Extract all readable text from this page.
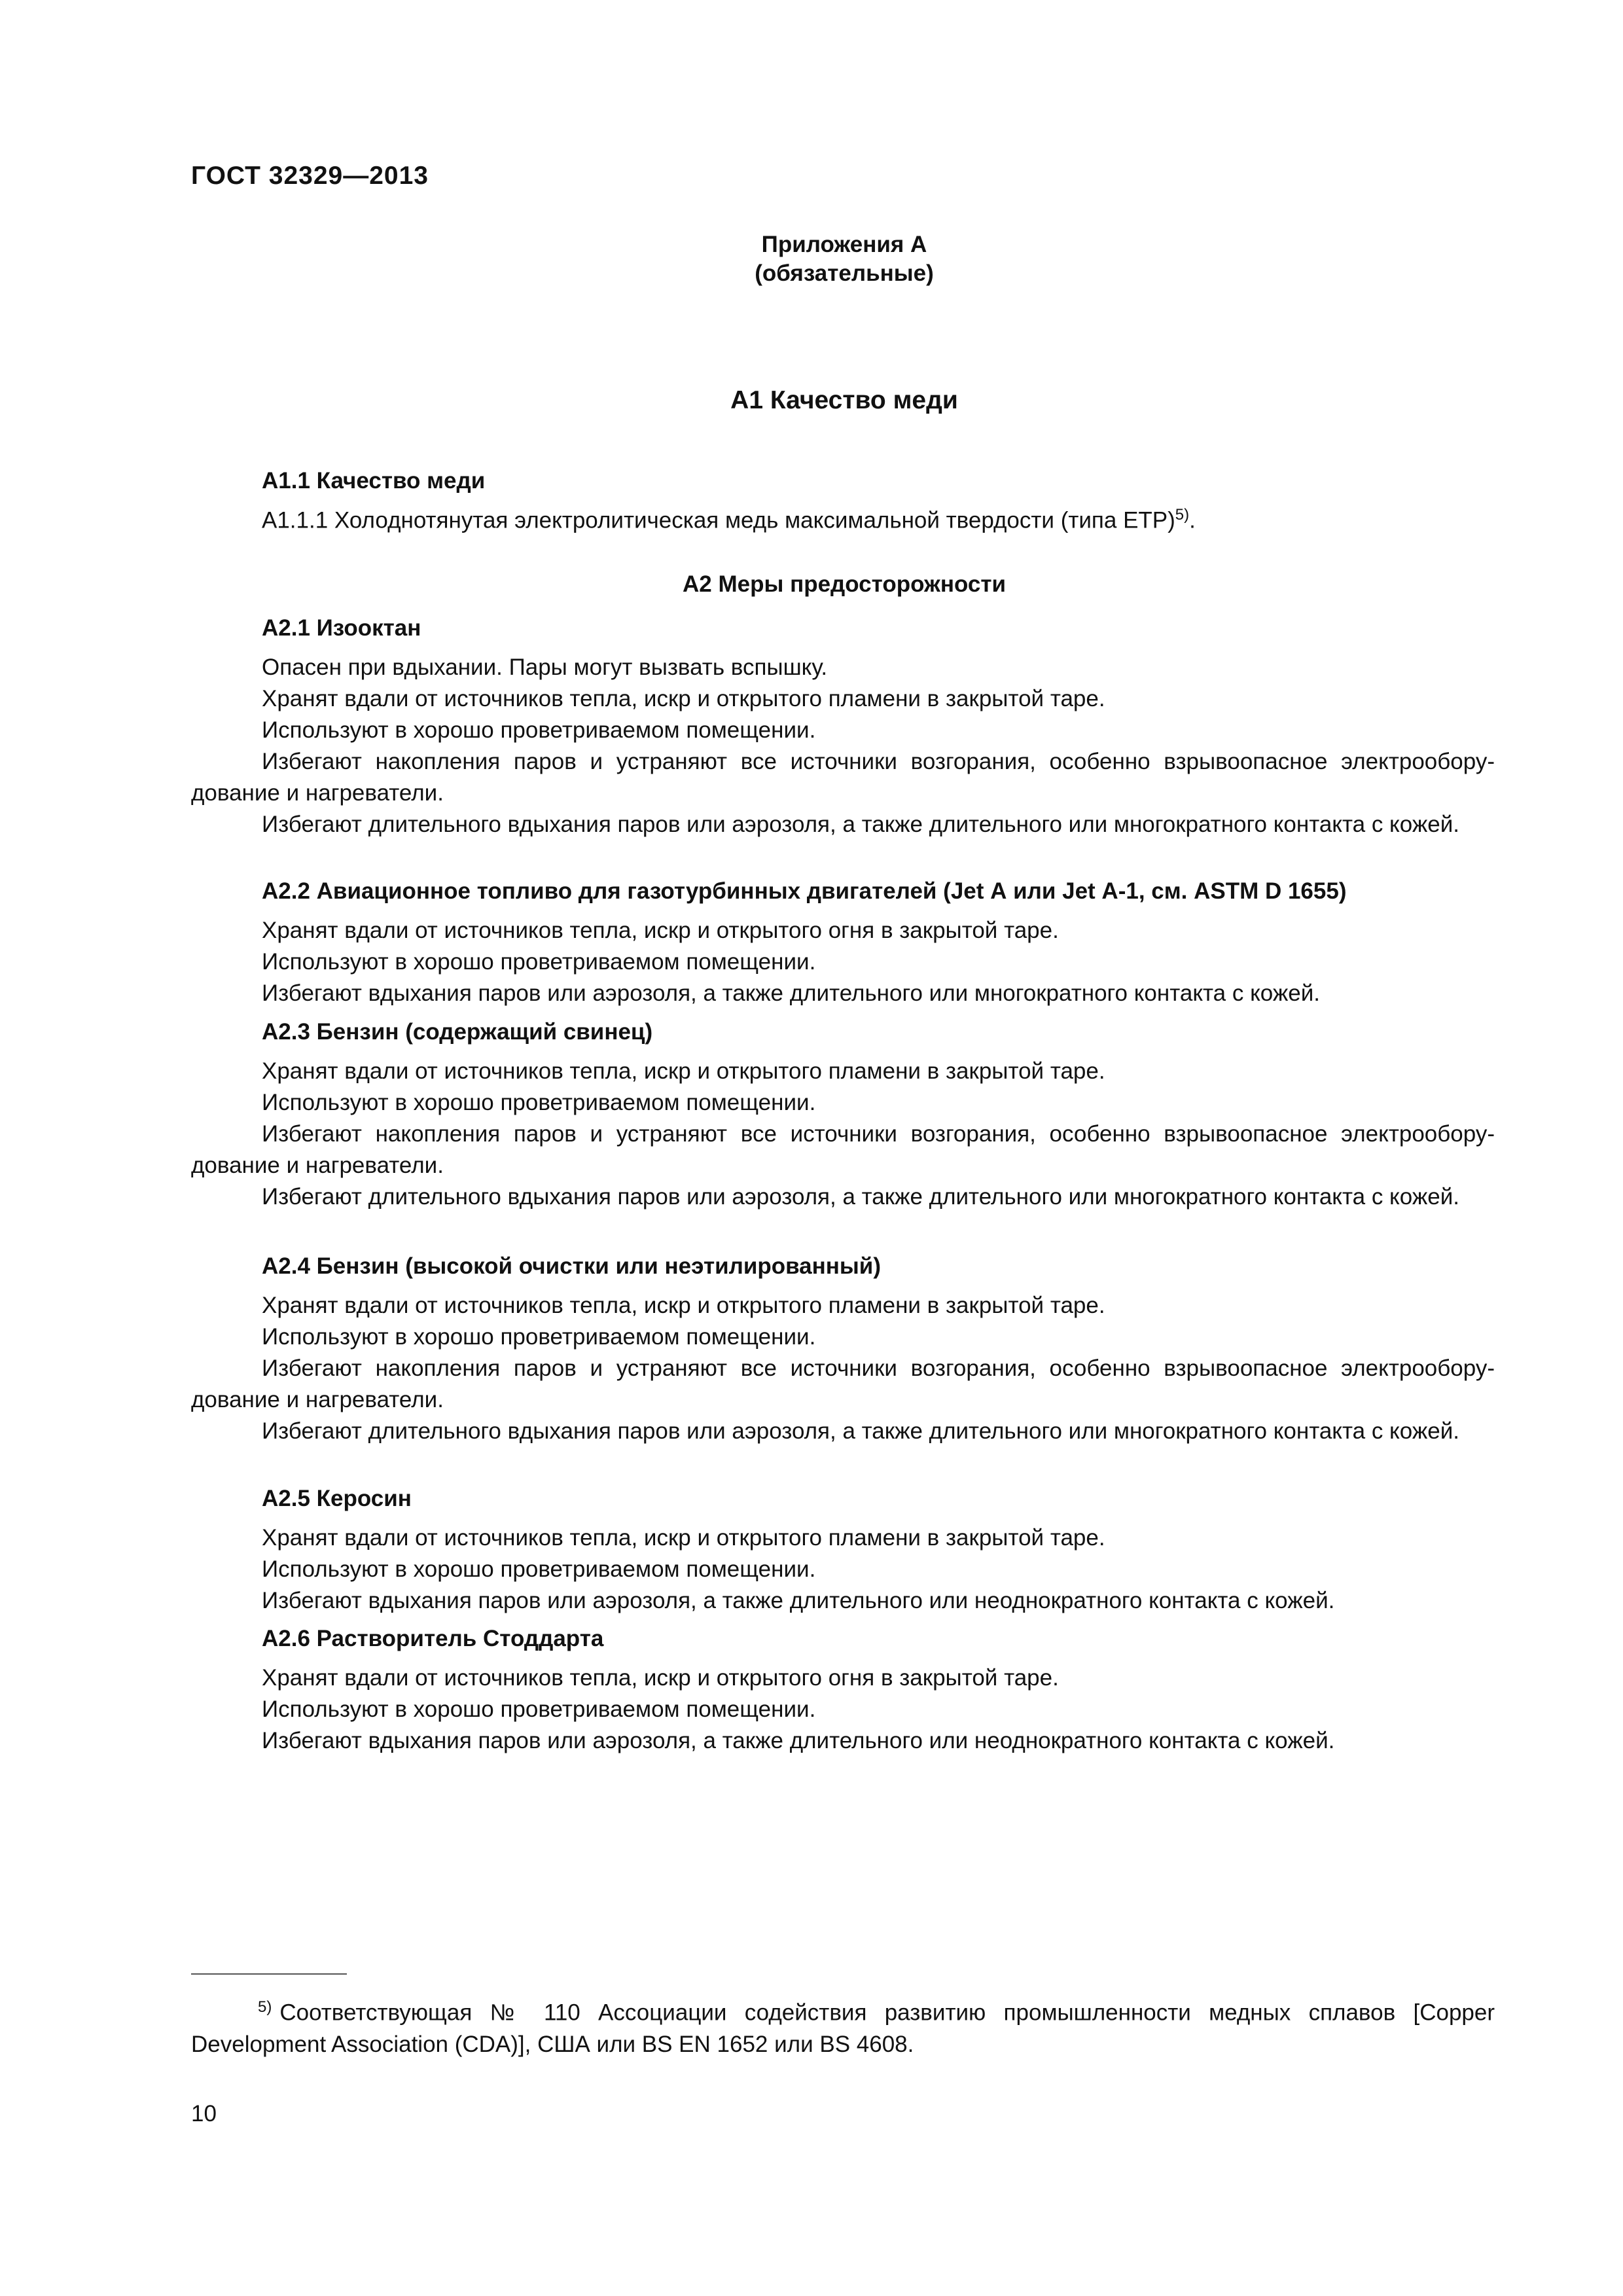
ГОСТ 32329—2013
Приложения А
(обязательные)
А1 Качество меди
А1.1 Качество меди
А1.1.1 Холоднотянутая электролитическая медь максимальной твердости (типа ЕТР)$^{5)}$.
А2 Меры предосторожности
А2.1 Изооктан
Опасен при вдыхании. Пары могут вызвать вспышку.
Хранят вдали от источников тепла, искр и открытого пламени в закрытой таре.
Используют в хорошо проветриваемом помещении.
Избегают накопления паров и устраняют все источники возгорания, особенно взрывоопасное электрообору-дование и нагреватели.
Избегают длительного вдыхания паров или аэрозоля, а также длительного или многократного контакта с кожей.
А2.2 Авиационное топливо для газотурбинных двигателей (Jet А или Jet А-1, см. ASTM D 1655)
Хранят вдали от источников тепла, искр и открытого огня в закрытой таре.
Используют в хорошо проветриваемом помещении.
Избегают вдыхания паров или аэрозоля, а также длительного или многократного контакта с кожей.
А2.3 Бензин (содержащий свинец)
Хранят вдали от источников тепла, искр и открытого пламени в закрытой таре.
Используют в хорошо проветриваемом помещении.
Избегают накопления паров и устраняют все источники возгорания, особенно взрывоопасное электрообору-дование и нагреватели.
Избегают длительного вдыхания паров или аэрозоля, а также длительного или многократного контакта с кожей.
А2.4 Бензин (высокой очистки или неэтилированный)
Хранят вдали от источников тепла, искр и открытого пламени в закрытой таре.
Используют в хорошо проветриваемом помещении.
Избегают накопления паров и устраняют все источники возгорания, особенно взрывоопасное электрообору-дование и нагреватели.
Избегают длительного вдыхания паров или аэрозоля, а также длительного или многократного контакта с кожей.
А2.5 Керосин
Хранят вдали от источников тепла, искр и открытого пламени в закрытой таре.
Используют в хорошо проветриваемом помещении.
Избегают вдыхания паров или аэрозоля, а также длительного или неоднократного контакта с кожей.
А2.6 Растворитель Стоддарта
Хранят вдали от источников тепла, искр и открытого огня в закрытой таре.
Используют в хорошо проветриваемом помещении.
Избегают вдыхания паров или аэрозоля, а также длительного или неоднократного контакта с кожей.
$^{5)}$ Соответствующая № 110 Ассоциации содействия развитию промышленности медных сплавов [Copper Development Association (CDA)], США или BS EN 1652 или BS 4608.
10
